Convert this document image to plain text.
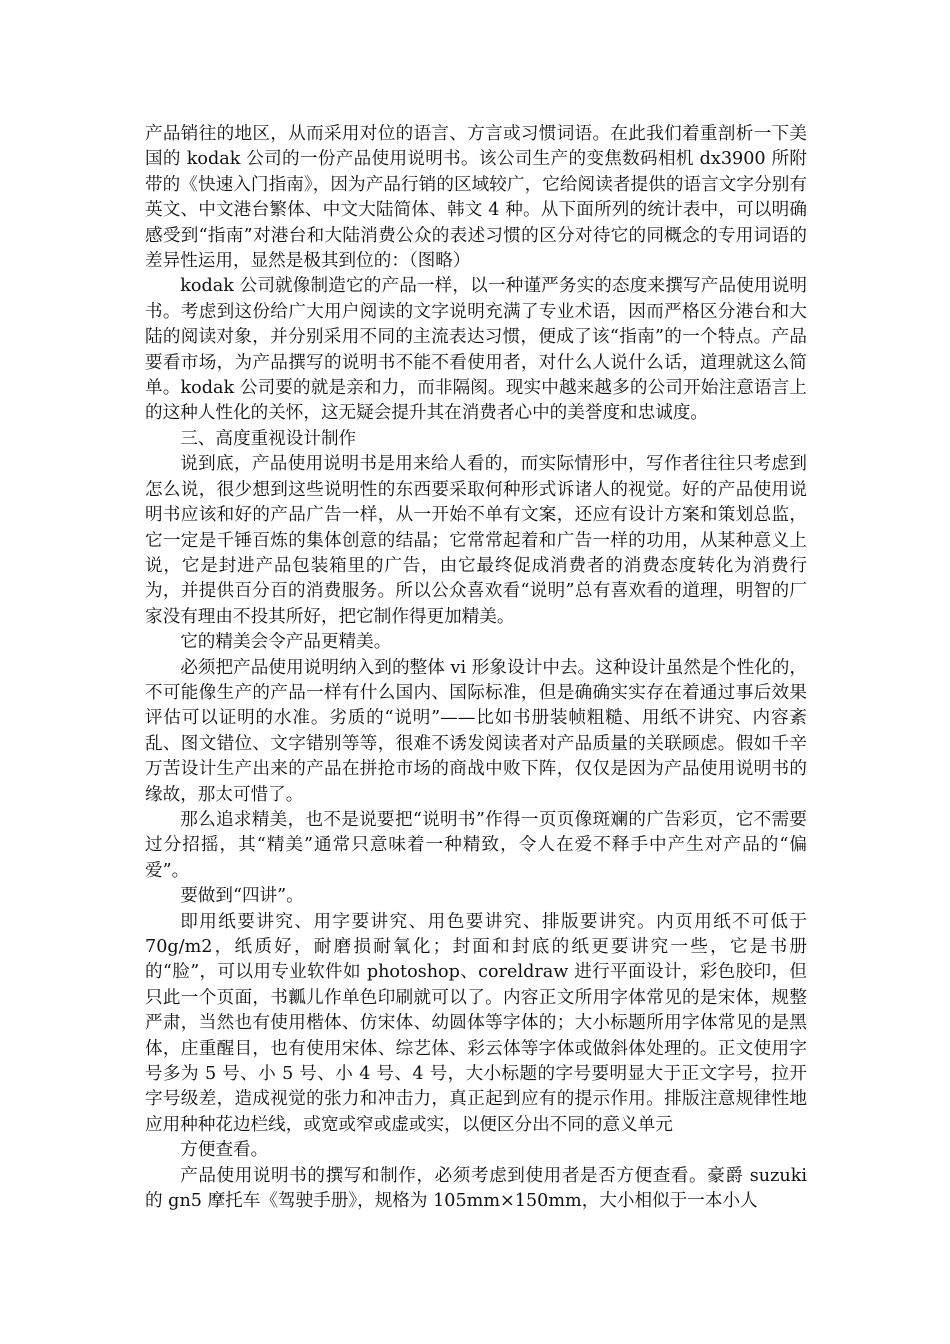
产品销往的地区，从而采用对位的语言、方言或习惯词语。在此我们着重剖析一下美国的 kodak 公司的一份产品使用说明书。该公司生产的变焦数码相机 dx3900 所附带的《快速入门指南》，因为产品行销的区域较广，它给阅读者提供的语言文字分别有英文、中文港台繁体、中文大陆简体、韩文 4 种。从下面所列的统计表中，可以明确感受到“指南”对港台和大陆消费公众的表述习惯的区分对待它的同概念的专用词语的差异性运用，显然是极其到位的：（图略）

kodak 公司就像制造它的产品一样，以一种谨严务实的态度来撰写产品使用说明书。考虑到这份给广大用户阅读的文字说明充满了专业术语，因而严格区分港台和大陆的阅读对象，并分别采用不同的主流表达习惯，便成了该“指南”的一个特点。产品要看市场，为产品撰写的说明书不能不看使用者，对什么人说什么话，道理就这么简单。kodak 公司要的就是亲和力，而非隔阂。现实中越来越多的公司开始注意语言上的这种人性化的关怀，这无疑会提升其在消费者心中的美誉度和忠诚度。

三、高度重视设计制作

说到底，产品使用说明书是用来给人看的，而实际情形中，写作者往往只考虑到怎么说，很少想到这些说明性的东西要采取何种形式诉诸人的视觉。好的产品使用说明书应该和好的产品广告一样，从一开始不单有文案，还应有设计方案和策划总监，它一定是千锤百炼的集体创意的结晶；它常常起着和广告一样的功用，从某种意义上说，它是封进产品包装箱里的广告，由它最终促成消费者的消费态度转化为消费行为，并提供百分百的消费服务。所以公众喜欢看“说明”总有喜欢看的道理，明智的厂家没有理由不投其所好，把它制作得更加精美。

它的精美会令产品更精美。

必须把产品使用说明纳入到的整体 vi 形象设计中去。这种设计虽然是个性化的，不可能像生产的产品一样有什么国内、国际标准，但是确确实实存在着通过事后效果评估可以证明的水准。劣质的“说明”——比如书册装帧粗糙、用纸不讲究、内容紊乱、图文错位、文字错别等等，很难不诱发阅读者对产品质量的关联顾虑。假如千辛万苦设计生产出来的产品在拼抢市场的商战中败下阵，仅仅是因为产品使用说明书的缘故，那太可惜了。

那么追求精美，也不是说要把“说明书”作得一页页像斑斓的广告彩页，它不需要过分招摇，其“精美”通常只意味着一种精致，令人在爱不释手中产生对产品的“偏爱”。

要做到“四讲”。

即用纸要讲究、用字要讲究、用色要讲究、排版要讲究。内页用纸不可低于 70g/m2，纸质好，耐磨损耐氧化；封面和封底的纸更要讲究一些，它是书册的“脸”，可以用专业软件如 photoshop、coreldraw 进行平面设计，彩色胶印，但只此一个页面，书瓤儿作单色印刷就可以了。内容正文所用字体常见的是宋体，规整严肃，当然也有使用楷体、仿宋体、幼圆体等字体的；大小标题所用字体常见的是黑体，庄重醒目，也有使用宋体、综艺体、彩云体等字体或做斜体处理的。正文使用字号多为 5 号、小 5 号、小 4 号、4 号，大小标题的字号要明显大于正文字号，拉开字号级差，造成视觉的张力和冲击力，真正起到应有的提示作用。排版注意规律性地应用种种花边栏线，或宽或窄或虚或实，以便区分出不同的意义单元

方便查看。

产品使用说明书的撰写和制作，必须考虑到使用者是否方便查看。豪爵 suzuki 的 gn5 摩托车《驾驶手册》，规格为 105mm×150mm，大小相似于一本小人
